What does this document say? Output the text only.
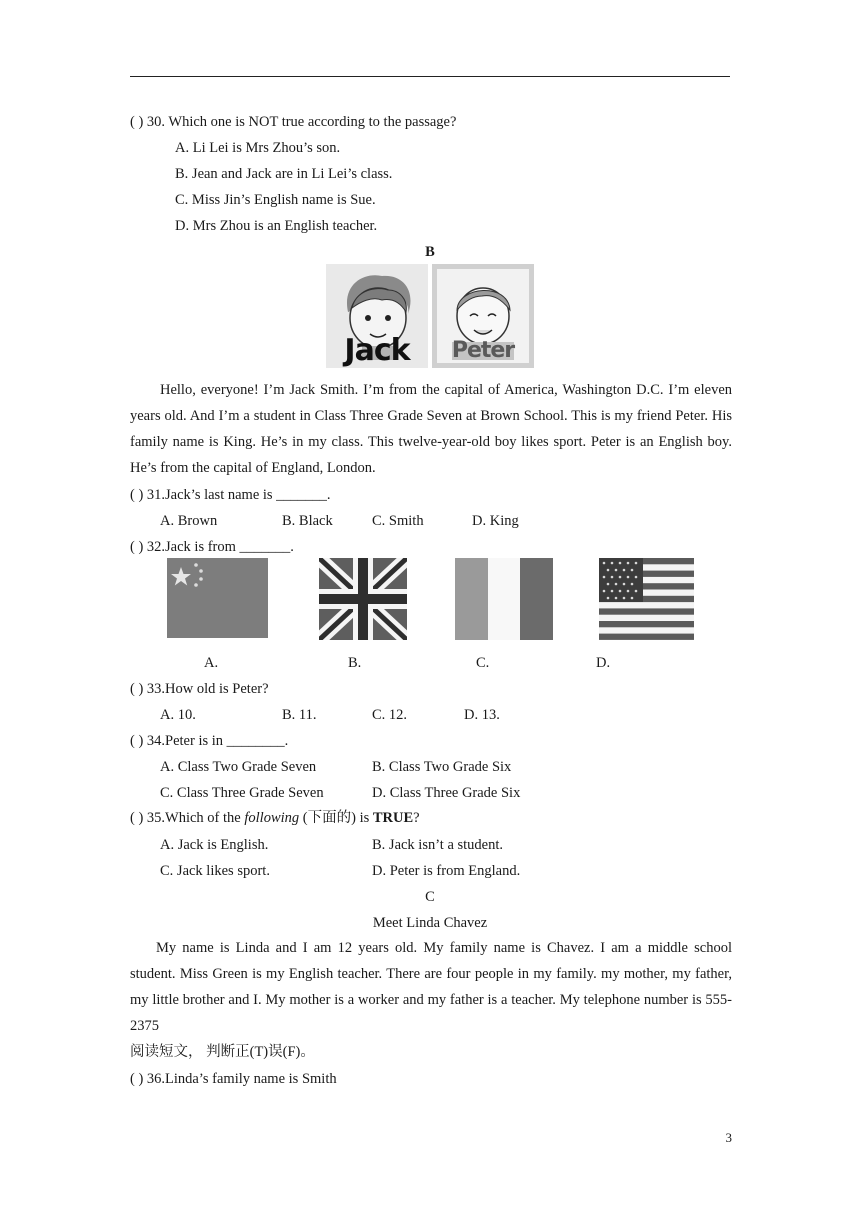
( ) 30. Which one is NOT true according to the passage?
A. Li Lei is Mrs Zhou’s son.
B. Jean and Jack are in Li Lei’s class.
C. Miss Jin’s English name is Sue.
D. Mrs Zhou is an English teacher.
B
Jack	Peter
Hello, everyone! I’m Jack Smith. I’m from the capital of America, Washington D.C. I’m eleven years old. And I’m a student in Class Three Grade Seven at Brown School. This is my friend Peter. His family name is King. He’s in my class. This twelve-year-old boy likes sport. Peter is an English boy. He’s from the capital of England, London.
( ) 31.Jack’s last name is _______.
A. Brown	B. Black	C. Smith	D. King
( ) 32.Jack is from _______.
A.	B.	C.	D.
( ) 33.How old is Peter?
A. 10.	B. 11.	C. 12.	D. 13.
( ) 34.Peter is in ________.
A. Class Two Grade Seven	B. Class Two Grade Six
C. Class Three Grade Seven	D. Class Three Grade Six
( ) 35.Which of the following (下面的) is TRUE?
A. Jack is English.	B. Jack isn’t a student.
C. Jack likes sport.	D. Peter is from England.
C
Meet Linda Chavez
My name is Linda and I am 12 years old. My family name is Chavez. I am a middle school student. Miss Green is my English teacher. There are four people in my family. my mother, my father, my little brother and I. My mother is a worker and my father is a teacher. My telephone number is 555-2375
阅读短文， 判断正(T)误(F)。
( ) 36.Linda’s family name is Smith
3
